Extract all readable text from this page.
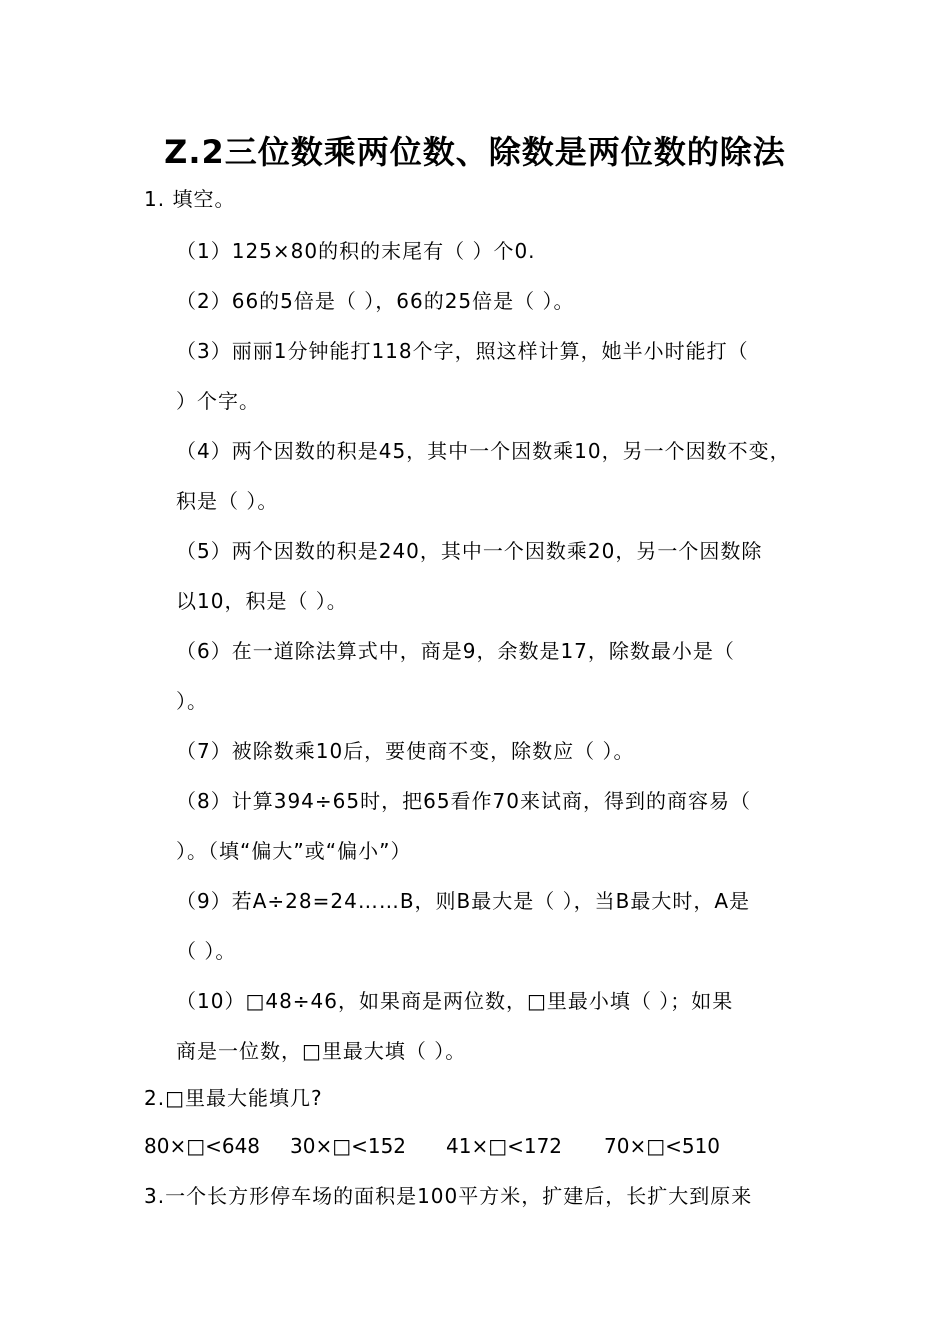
Z.2三位数乘两位数、除数是两位数的除法
1. 填空。
（1）125×80的积的末尾有（ ）个0.
（2）66的5倍是（ ），66的25倍是（ ）。
（3）丽丽1分钟能打118个字，照这样计算，她半小时能打（
）个字。
（4）两个因数的积是45，其中一个因数乘10，另一个因数不变，
积是（ ）。
（5）两个因数的积是240，其中一个因数乘20，另一个因数除
以10，积是（ ）。
（6）在一道除法算式中，商是9，余数是17，除数最小是（
）。
（7）被除数乘10后，要使商不变，除数应（ ）。
（8）计算394÷65时，把65看作70来试商，得到的商容易（
）。（填“偏大”或“偏小”）
（9）若A÷28=24……B，则B最大是（ ），当B最大时，A是
（ ）。
（10）□48÷46，如果商是两位数，□里最小填（ ）；如果
商是一位数，□里最大填（ ）。
2.□里最大能填几?
80×□<648 30×□<152 41×□<172 70×□<510
3.一个长方形停车场的面积是100平方米，扩建后，长扩大到原来
